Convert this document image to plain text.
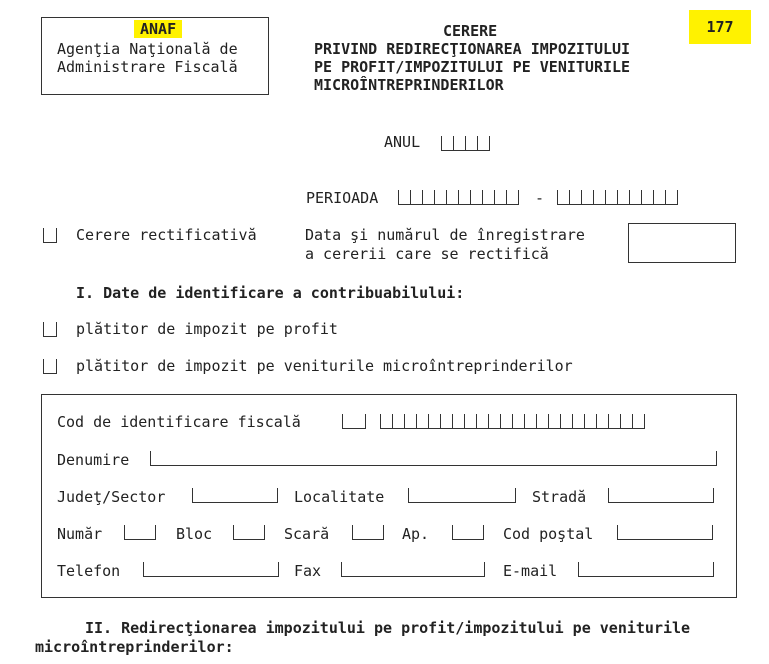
ANAF
Agenţia Naţională de
Administrare Fiscală
177
CERERE
PRIVIND REDIRECŢIONAREA IMPOZITULUI
PE PROFIT/IMPOZITULUI PE VENITURILE
MICROÎNTREPRINDERILOR
ANUL
PERIOADA	-
Cerere rectificativă	Data şi numărul de înregistrare
a cererii care se rectifică
I. Date de identificare a contribuabilului:
plătitor de impozit pe profit
plătitor de impozit pe veniturile microîntreprinderilor
Cod de identificare fiscală
Denumire
Judeţ/Sector	Localitate	Stradă
Număr	Bloc	Scară	Ap.	Cod poştal
Telefon	Fax	E-mail
II. Redirecţionarea impozitului pe profit/impozitului pe veniturile
microîntreprinderilor:
